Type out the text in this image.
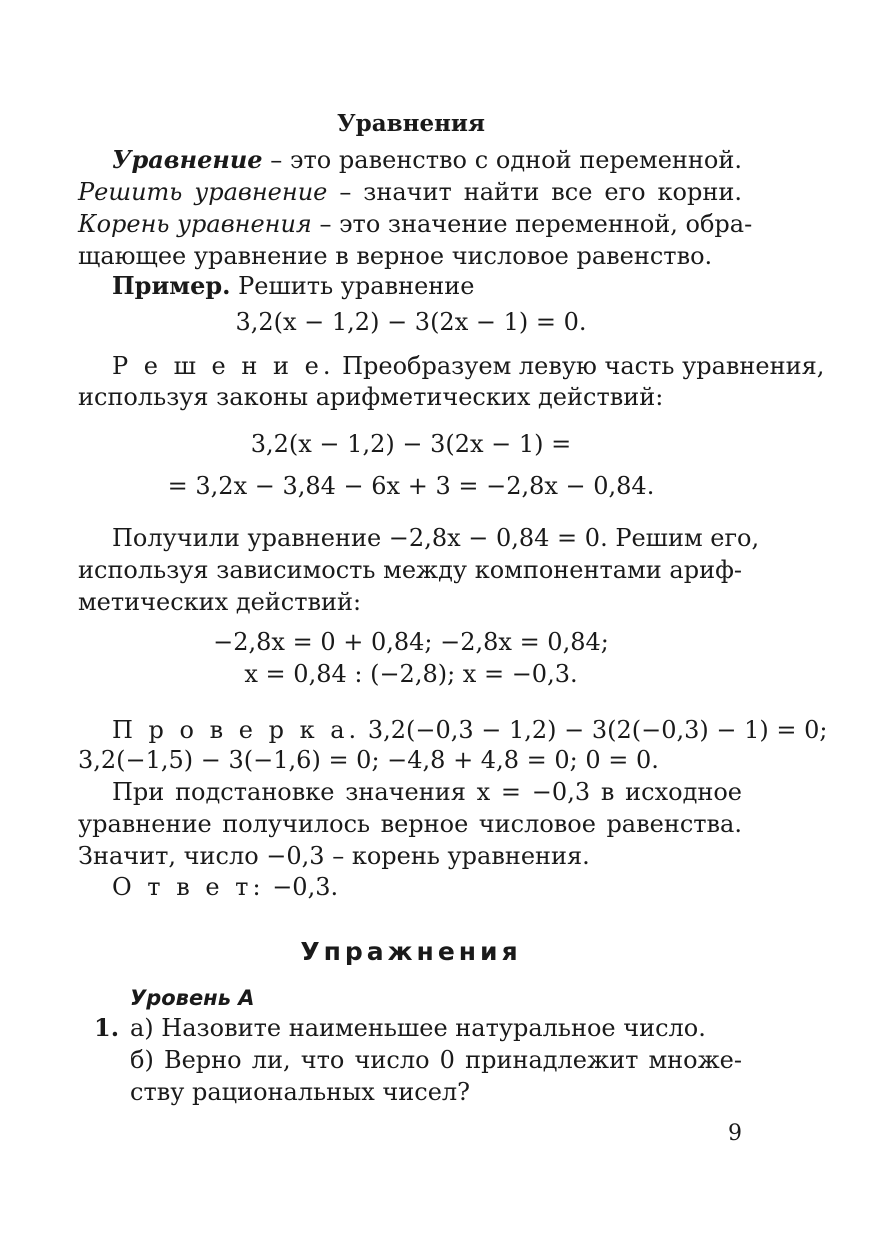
Уравнения
Уравнение – это равенство с одной переменной.
Решить уравнение – значит найти все его корни.
Корень уравнения – это значение переменной, обра-
щающее уравнение в верное числовое равенство.
Пример. Решить уравнение
3,2(x − 1,2) − 3(2x − 1) = 0.
Р е ш е н и е. Преобразуем левую часть уравнения,
используя законы арифметических действий:
3,2(x − 1,2) − 3(2x − 1) =
= 3,2x − 3,84 − 6x + 3 = −2,8x − 0,84.
Получили уравнение −2,8x − 0,84 = 0. Решим его,
используя зависимость между компонентами ариф-
метических действий:
−2,8x = 0 + 0,84; −2,8x = 0,84;
x = 0,84 : (−2,8); x = −0,3.
П р о в е р к а. 3,2(−0,3 − 1,2) − 3(2(−0,3) − 1) = 0;
3,2(−1,5) − 3(−1,6) = 0; −4,8 + 4,8 = 0; 0 = 0.
При подстановке значения x = −0,3 в исходное
уравнение получилось верное числовое равенства.
Значит, число −0,3 – корень уравнения.
О т в е т: −0,3.
Упражнения
Уровень А
1. а) Назовите наименьшее натуральное число.
б) Верно ли, что число 0 принадлежит множе-
ству рациональных чисел?
9
